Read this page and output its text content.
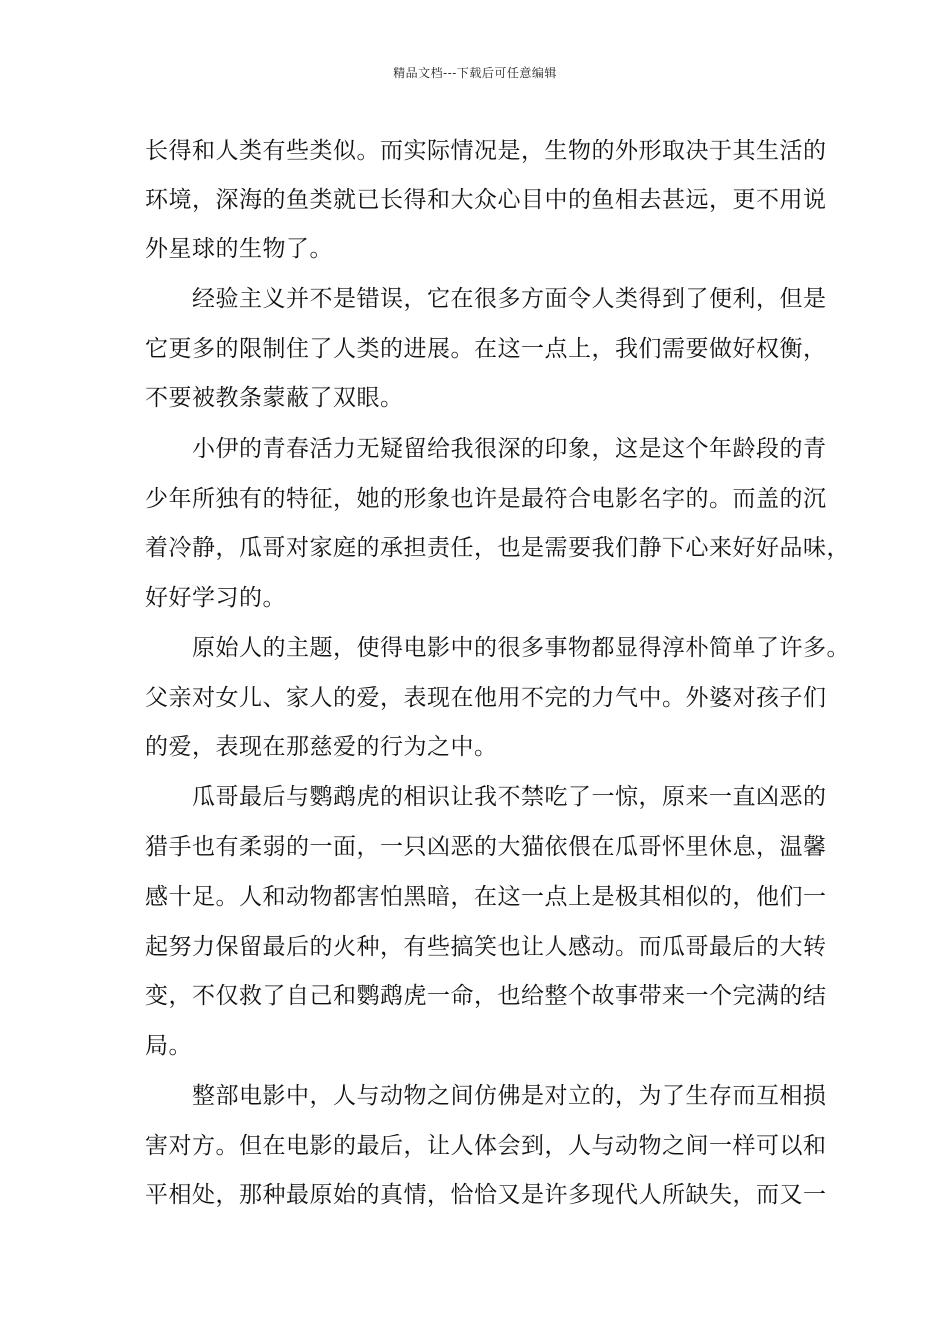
精品文档---下载后可任意编辑
长得和人类有些类似。而实际情况是，生物的外形取决于其生活的
环境，深海的鱼类就已长得和大众心目中的鱼相去甚远，更不用说
外星球的生物了。
　　经验主义并不是错误，它在很多方面令人类得到了便利，但是
它更多的限制住了人类的进展。在这一点上，我们需要做好权衡，
不要被教条蒙蔽了双眼。
　　小伊的青春活力无疑留给我很深的印象，这是这个年龄段的青
少年所独有的特征，她的形象也许是最符合电影名字的。而盖的沉
着冷静，瓜哥对家庭的承担责任，也是需要我们静下心来好好品味，
好好学习的。
　　原始人的主题，使得电影中的很多事物都显得淳朴简单了许多。
父亲对女儿、家人的爱，表现在他用不完的力气中。外婆对孩子们
的爱，表现在那慈爱的行为之中。
　　瓜哥最后与鹦鹉虎的相识让我不禁吃了一惊，原来一直凶恶的
猎手也有柔弱的一面，一只凶恶的大猫依偎在瓜哥怀里休息，温馨
感十足。人和动物都害怕黑暗，在这一点上是极其相似的，他们一
起努力保留最后的火种，有些搞笑也让人感动。而瓜哥最后的大转
变，不仅救了自己和鹦鹉虎一命，也给整个故事带来一个完满的结
局。
　　整部电影中，人与动物之间仿佛是对立的，为了生存而互相损
害对方。但在电影的最后，让人体会到，人与动物之间一样可以和
平相处，那种最原始的真情，恰恰又是许多现代人所缺失，而又一
